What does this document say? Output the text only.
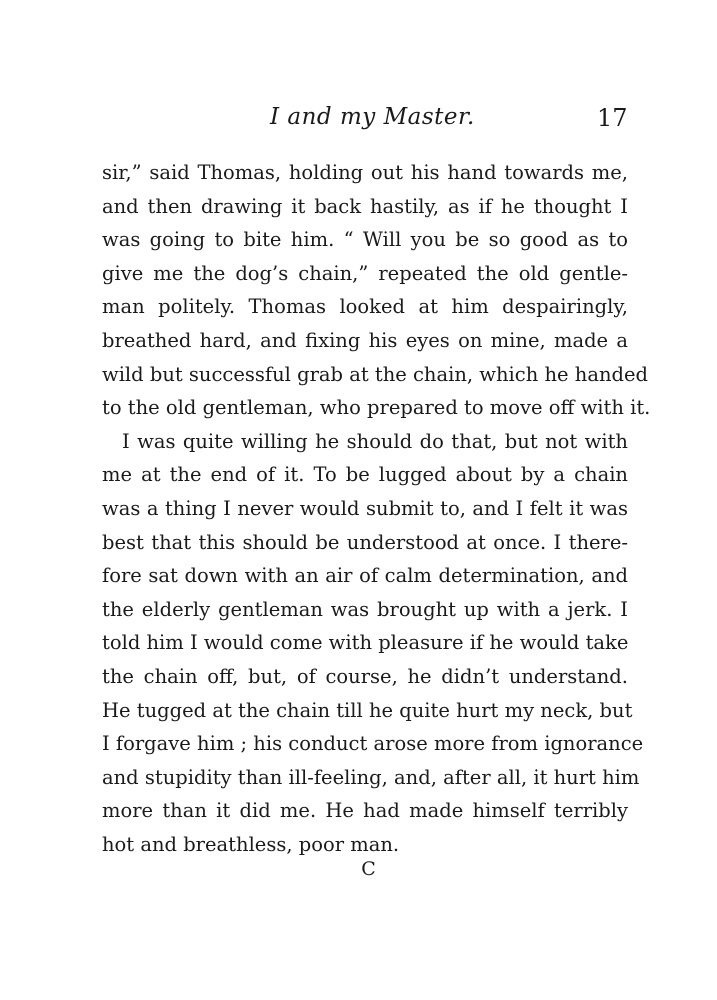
I and my Master.	17
sir,” said Thomas, holding out his hand towards me,
and then drawing it back hastily, as if he thought I
was going to bite him. “ Will you be so good as to
give me the dog’s chain,” repeated the old gentle-
man politely. Thomas looked at him despairingly,
breathed hard, and fixing his eyes on mine, made a
wild but successful grab at the chain, which he handed
to the old gentleman, who prepared to move off with it.
I was quite willing he should do that, but not with
me at the end of it. To be lugged about by a chain
was a thing I never would submit to, and I felt it was
best that this should be understood at once. I there-
fore sat down with an air of calm determination, and
the elderly gentleman was brought up with a jerk. I
told him I would come with pleasure if he would take
the chain off, but, of course, he didn’t understand.
He tugged at the chain till he quite hurt my neck, but
I forgave him ; his conduct arose more from ignorance
and stupidity than ill-feeling, and, after all, it hurt him
more than it did me. He had made himself terribly
hot and breathless, poor man.
C
